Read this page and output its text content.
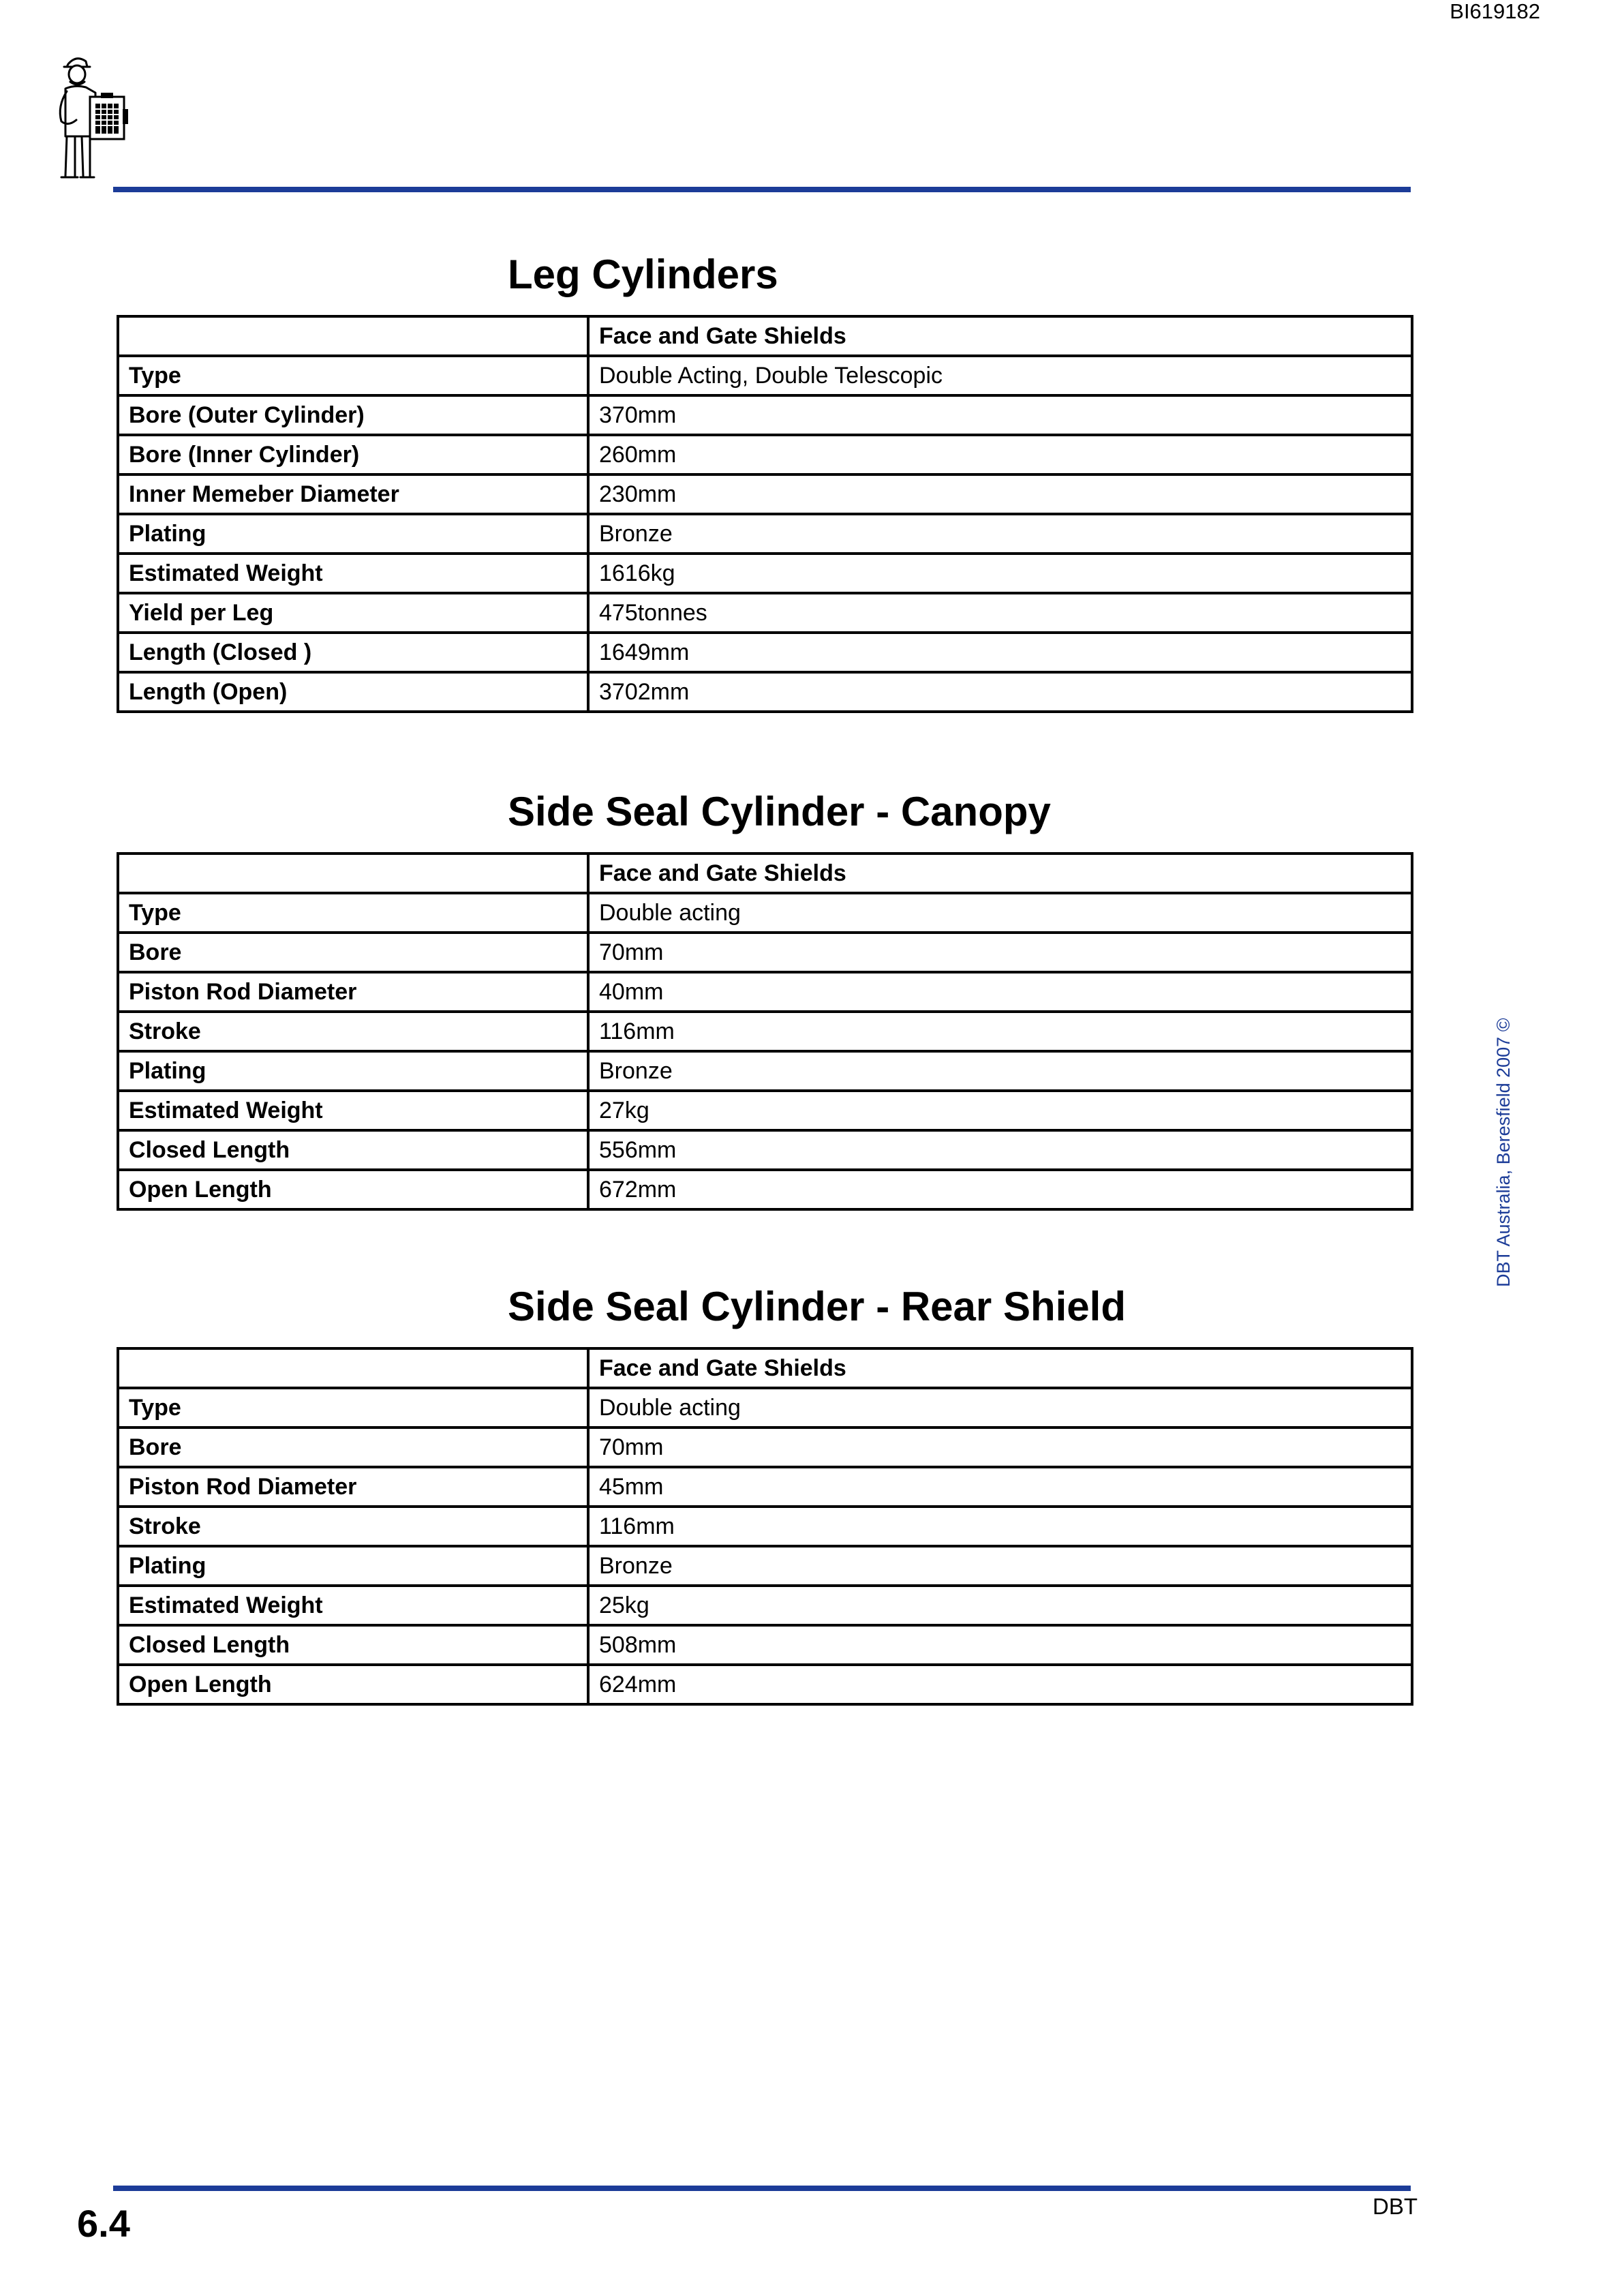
BI619182
Leg Cylinders
	Face and Gate Shields
Type	Double Acting, Double Telescopic
Bore (Outer Cylinder)	370mm
Bore (Inner Cylinder)	260mm
Inner Memeber Diameter	230mm
Plating	Bronze
Estimated Weight	1616kg
Yield per Leg	475tonnes
Length (Closed )	1649mm
Length (Open)	3702mm
Side Seal Cylinder - Canopy
	Face and Gate Shields
Type	Double acting
Bore	70mm
Piston Rod Diameter	40mm
Stroke	116mm
Plating	Bronze
Estimated Weight	27kg
Closed Length	556mm
Open Length	672mm
Side Seal Cylinder - Rear Shield
	Face and Gate Shields
Type	Double acting
Bore	70mm
Piston Rod Diameter	45mm
Stroke	116mm
Plating	Bronze
Estimated Weight	25kg
Closed Length	508mm
Open Length	624mm
DBT Australia, Beresfield 2007 ©
6.4	DBT
